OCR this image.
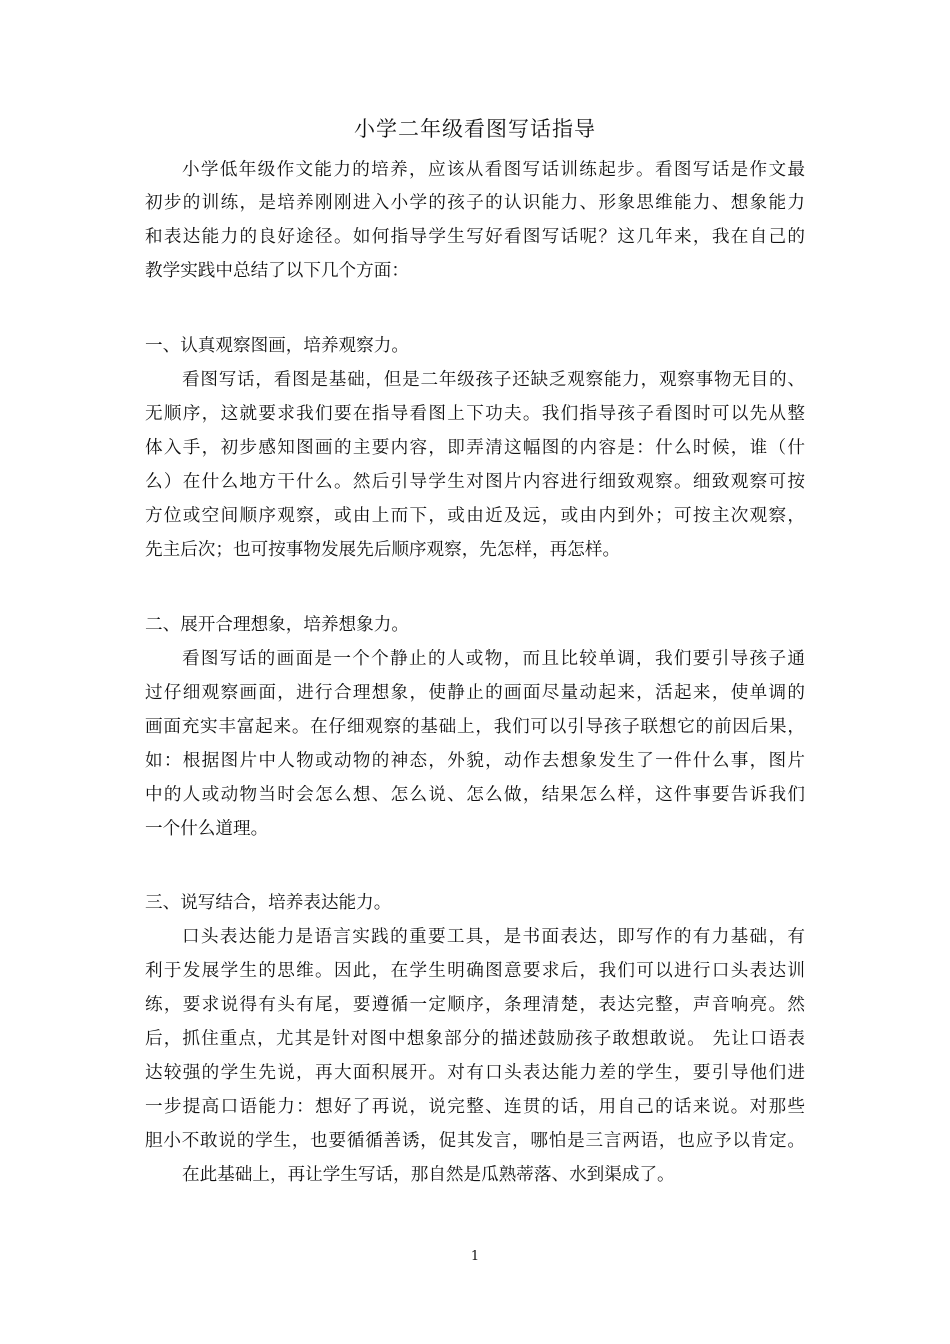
小学二年级看图写话指导
小学低年级作文能力的培养，应该从看图写话训练起步。看图写话是作文最
初步的训练，是培养刚刚进入小学的孩子的认识能力、形象思维能力、想象能力
和表达能力的良好途径。如何指导学生写好看图写话呢？这几年来，我在自己的
教学实践中总结了以下几个方面：
一、认真观察图画，培养观察力。
看图写话，看图是基础，但是二年级孩子还缺乏观察能力，观察事物无目的、
无顺序，这就要求我们要在指导看图上下功夫。我们指导孩子看图时可以先从整
体入手，初步感知图画的主要内容，即弄清这幅图的内容是：什么时候，谁（什
么）在什么地方干什么。然后引导学生对图片内容进行细致观察。细致观察可按
方位或空间顺序观察，或由上而下，或由近及远，或由内到外；可按主次观察，
先主后次；也可按事物发展先后顺序观察，先怎样，再怎样。
二、展开合理想象，培养想象力。
看图写话的画面是一个个静止的人或物，而且比较单调，我们要引导孩子通
过仔细观察画面，进行合理想象，使静止的画面尽量动起来，活起来，使单调的
画面充实丰富起来。在仔细观察的基础上，我们可以引导孩子联想它的前因后果，
如：根据图片中人物或动物的神态，外貌，动作去想象发生了一件什么事，图片
中的人或动物当时会怎么想、怎么说、怎么做，结果怎么样，这件事要告诉我们
一个什么道理。
三、说写结合，培养表达能力。
口头表达能力是语言实践的重要工具，是书面表达，即写作的有力基础，有
利于发展学生的思维。因此，在学生明确图意要求后，我们可以进行口头表达训
练，要求说得有头有尾，要遵循一定顺序，条理清楚，表达完整，声音响亮。然
后，抓住重点，尤其是针对图中想象部分的描述鼓励孩子敢想敢说。 先让口语表
达较强的学生先说，再大面积展开。对有口头表达能力差的学生，要引导他们进
一步提高口语能力：想好了再说，说完整、连贯的话，用自己的话来说。对那些
胆小不敢说的学生，也要循循善诱，促其发言，哪怕是三言两语，也应予以肯定。
在此基础上，再让学生写话，那自然是瓜熟蒂落、水到渠成了。
1
